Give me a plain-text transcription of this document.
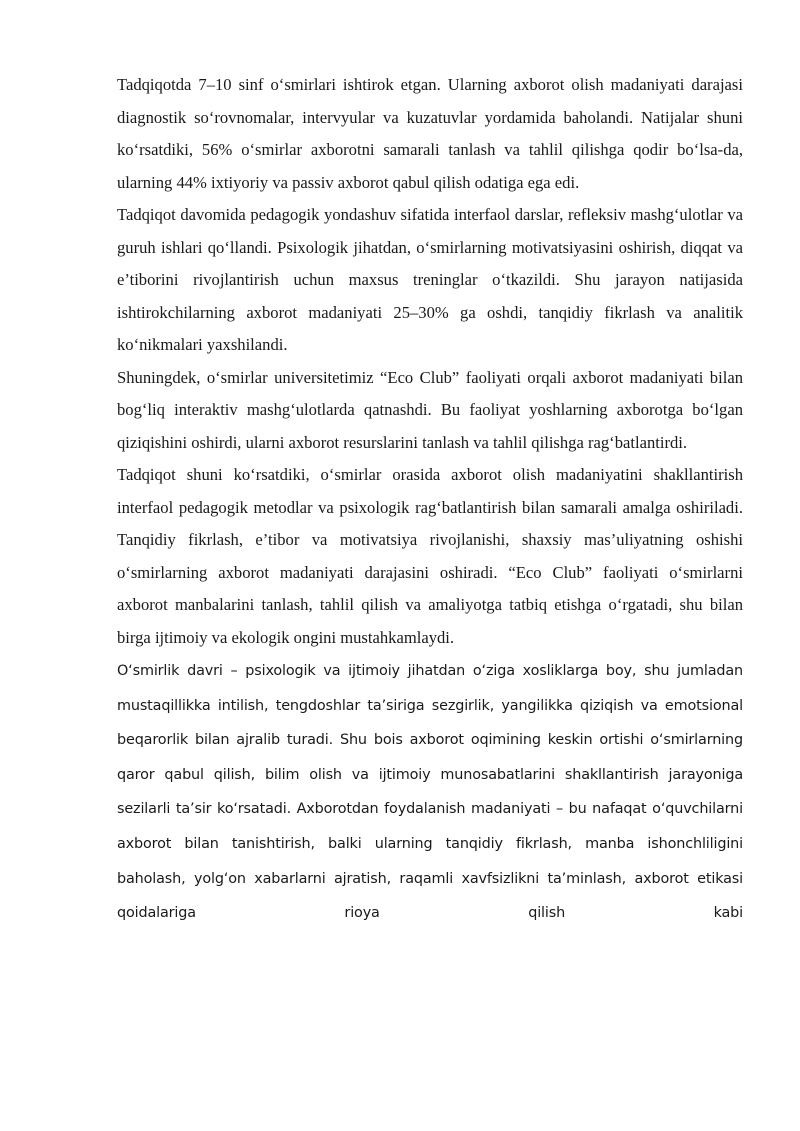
Tadqiqotda 7–10 sinf o‘smirlari ishtirok etgan. Ularning axborot olish madaniyati darajasi diagnostik so‘rovnomalar, intervyular va kuzatuvlar yordamida baholandi. Natijalar shuni ko‘rsatdiki, 56% o‘smirlar axborotni samarali tanlash va tahlil qilishga qodir bo‘lsa-da, ularning 44% ixtiyoriy va passiv axborot qabul qilish odatiga ega edi.

Tadqiqot davomida pedagogik yondashuv sifatida interfaol darslar, refleksiv mashg‘ulotlar va guruh ishlari qo‘llandi. Psixologik jihatdan, o‘smirlarning motivatsiyasini oshirish, diqqat va e’tiborini rivojlantirish uchun maxsus treninglar o‘tkazildi. Shu jarayon natijasida ishtirokchilarning axborot madaniyati 25–30% ga oshdi, tanqidiy fikrlash va analitik ko‘nikmalari yaxshilandi.

Shuningdek, o‘smirlar universitetimiz “Eco Club” faoliyati orqali axborot madaniyati bilan bog‘liq interaktiv mashg‘ulotlarda qatnashdi. Bu faoliyat yoshlarning axborotga bo‘lgan qiziqishini oshirdi, ularni axborot resurslarini tanlash va tahlil qilishga rag‘batlantirdi.

Tadqiqot shuni ko‘rsatdiki, o‘smirlar orasida axborot olish madaniyatini shakllantirish interfaol pedagogik metodlar va psixologik rag‘batlantirish bilan samarali amalga oshiriladi. Tanqidiy fikrlash, e’tibor va motivatsiya rivojlanishi, shaxsiy mas’uliyatning oshishi o‘smirlarning axborot madaniyati darajasini oshiradi. “Eco Club” faoliyati o‘smirlarni axborot manbalarini tanlash, tahlil qilish va amaliyotga tatbiq etishga o‘rgatadi, shu bilan birga ijtimoiy va ekologik ongini mustahkamlaydi.

O‘smirlik davri – psixologik va ijtimoiy jihatdan o‘ziga xosliklarga boy, shu jumladan mustaqillikka intilish, tengdoshlar ta’siriga sezgirlik, yangilikka qiziqish va emotsional beqarorlik bilan ajralib turadi. Shu bois axborot oqimining keskin ortishi o‘smirlarning qaror qabul qilish, bilim olish va ijtimoiy munosabatlarini shakllantirish jarayoniga sezilarli ta’sir ko‘rsatadi. Axborotdan foydalanish madaniyati – bu nafaqat o‘quvchilarni axborot bilan tanishtirish, balki ularning tanqidiy fikrlash, manba ishonchliligini baholash, yolg‘on xabarlarni ajratish, raqamli xavfsizlikni ta’minlash, axborot etikasi qoidalariga rioya qilish kabi
